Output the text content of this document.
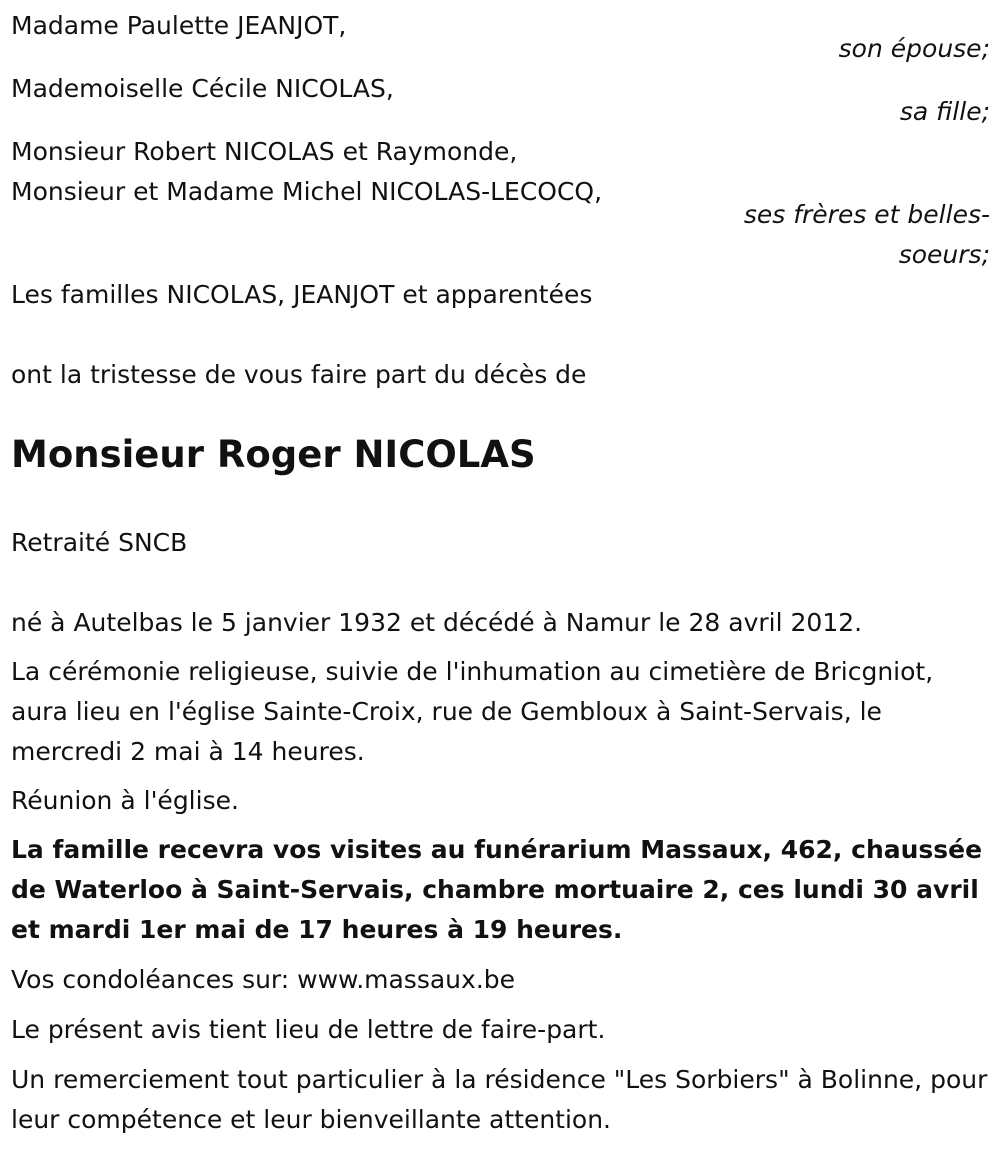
Madame Paulette JEANJOT,

son épouse;

Mademoiselle Cécile NICOLAS,

sa fille;

Monsieur Robert NICOLAS et Raymonde,

Monsieur et Madame Michel NICOLAS-LECOCQ,

ses frères et belles-

soeurs;

Les familles NICOLAS, JEANJOT et apparentées

ont la tristesse de vous faire part du décès de

Monsieur Roger NICOLAS

Retraité SNCB

né à Autelbas le 5 janvier 1932 et décédé à Namur le 28 avril 2012.

La cérémonie religieuse, suivie de l'inhumation au cimetière de Bricgniot, aura lieu en l'église Sainte-Croix, rue de Gembloux à Saint-Servais, le mercredi 2 mai à 14 heures.

Réunion à l'église.

La famille recevra vos visites au funérarium Massaux, 462, chaussée de Waterloo à Saint-Servais, chambre mortuaire 2, ces lundi 30 avril et mardi 1er mai de 17 heures à 19 heures.

Vos condoléances sur: www.massaux.be

Le présent avis tient lieu de lettre de faire-part.

Un remerciement tout particulier à la résidence "Les Sorbiers" à Bolinne, pour leur compétence et leur bienveillante attention.
